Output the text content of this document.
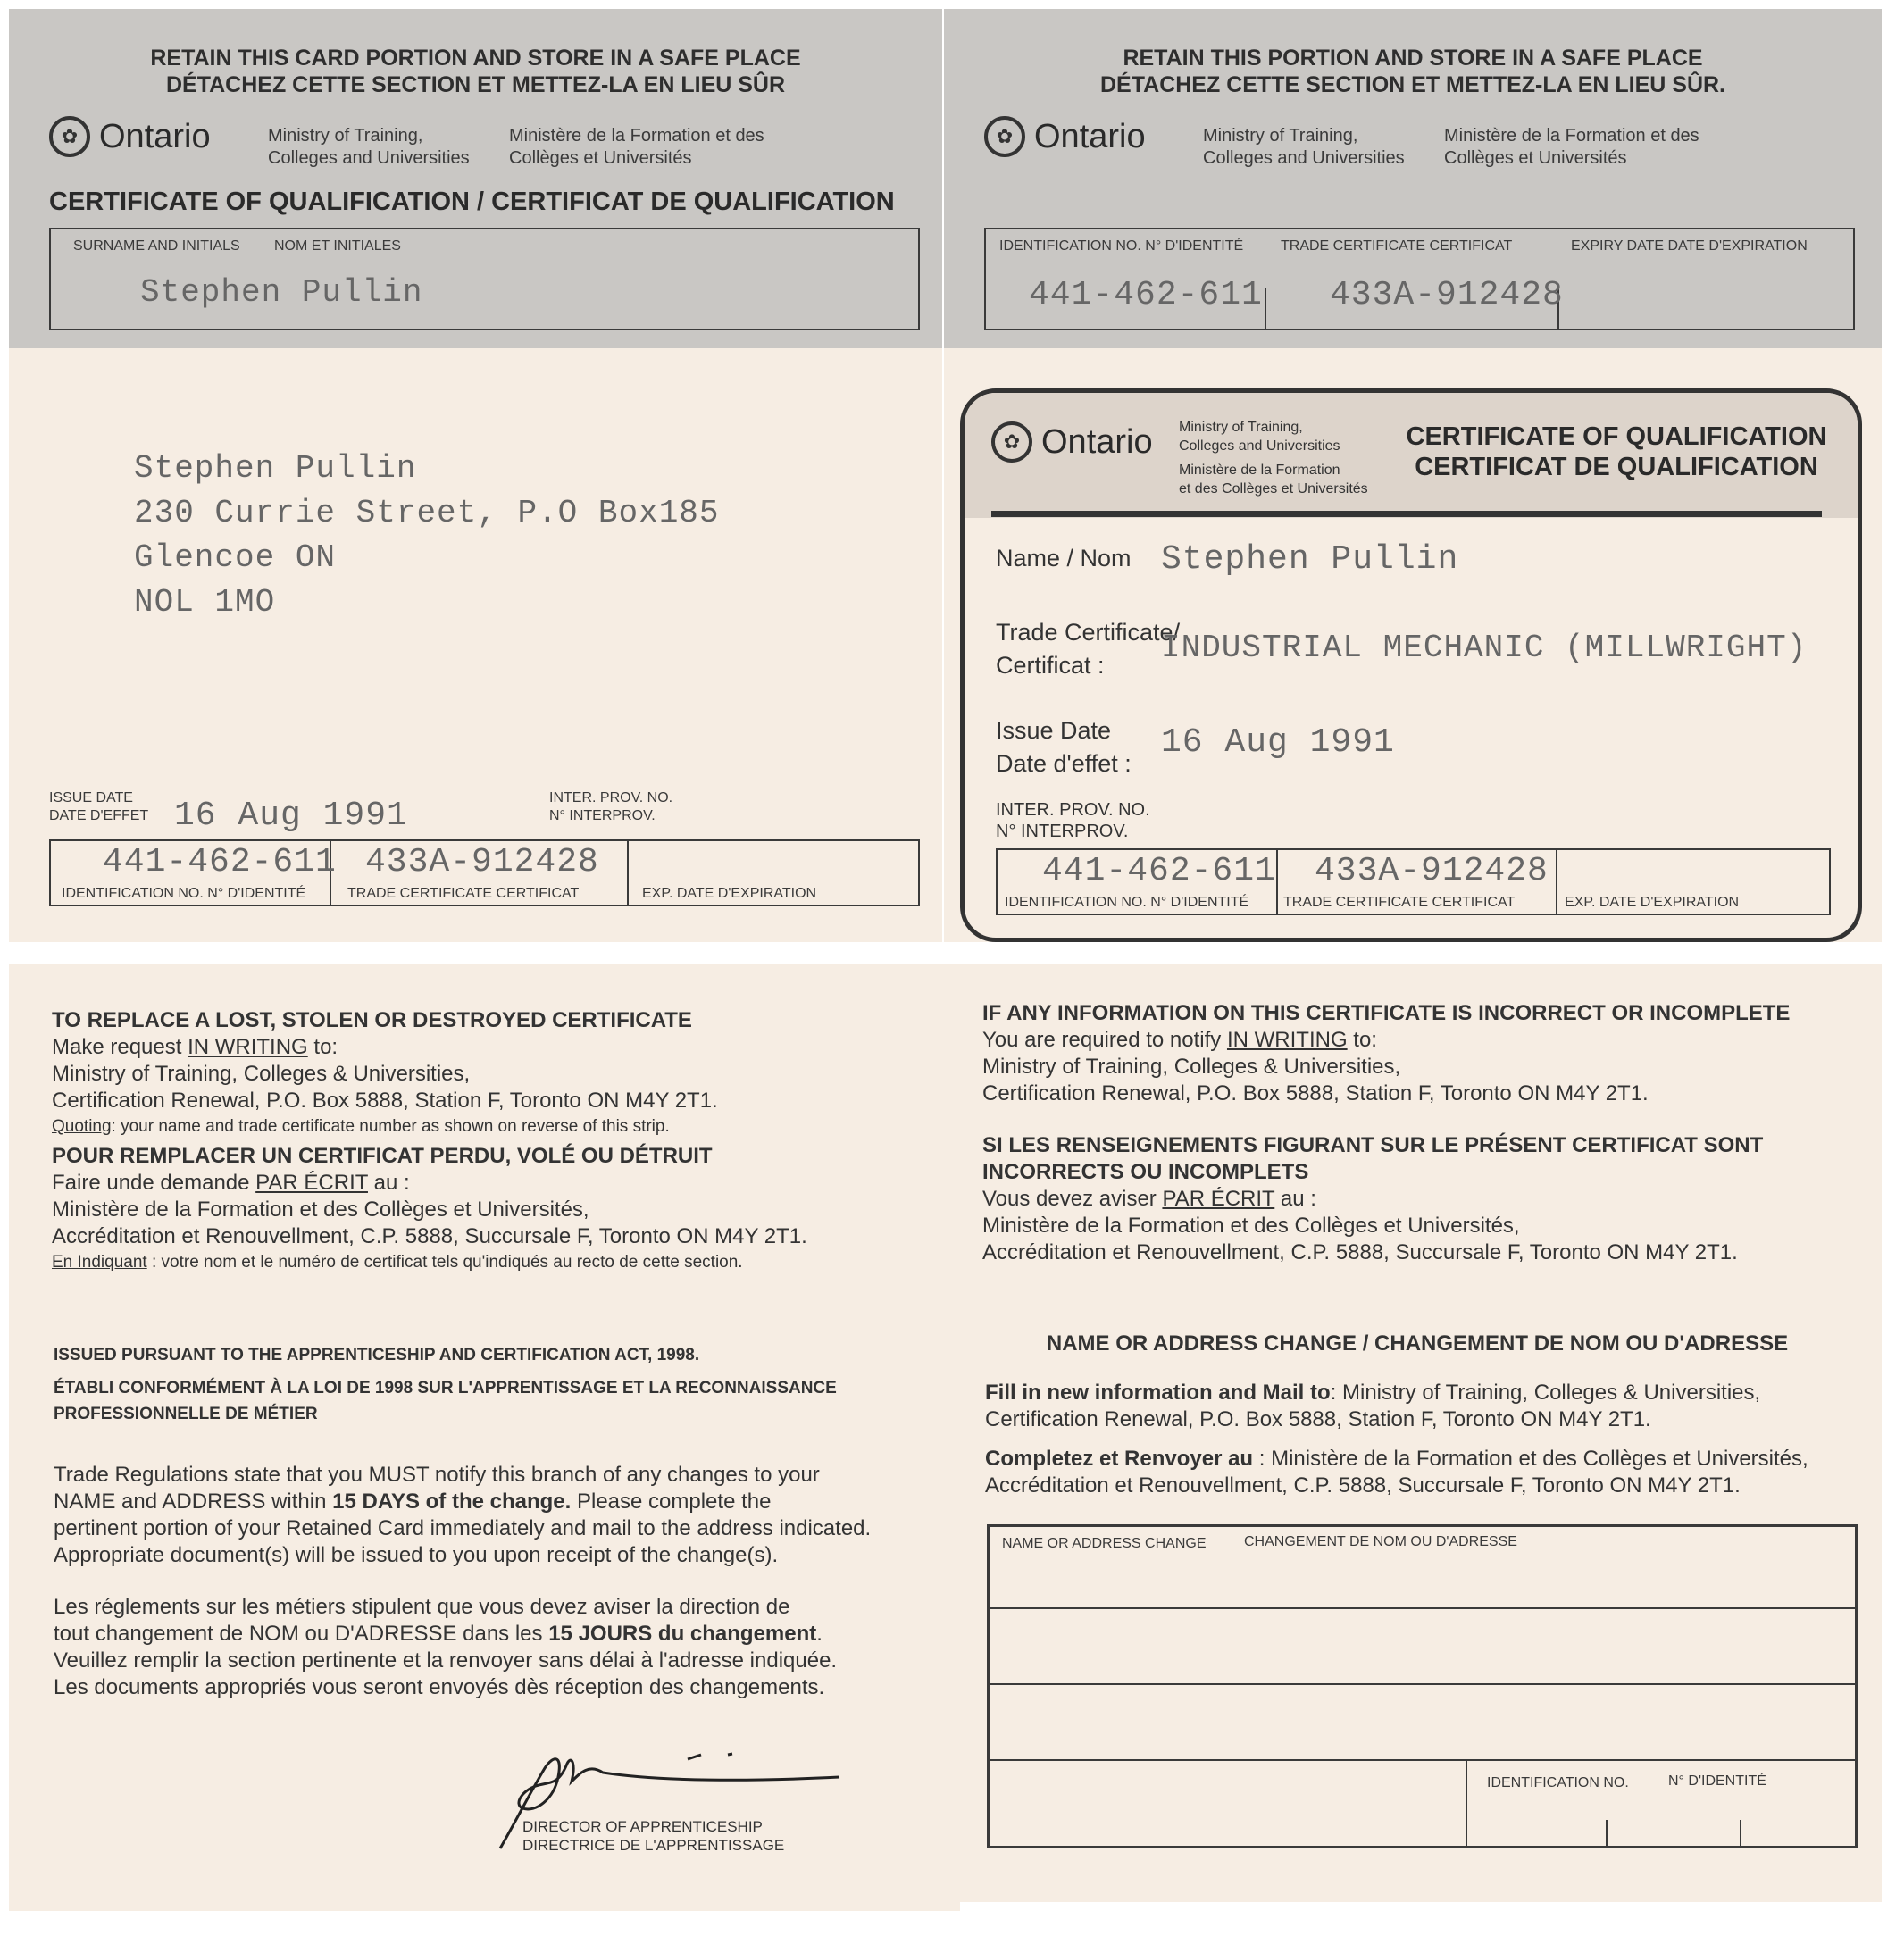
RETAIN THIS CARD PORTION AND STORE IN A SAFE PLACE
DÉTACHEZ CETTE SECTION ET METTEZ-LA EN LIEU SÛR
✿ Ontario	Ministry of Training, Colleges and Universities
Ministère de la Formation et des Collèges et Universités
CERTIFICATE OF QUALIFICATION / CERTIFICAT DE QUALIFICATION
SURNAME AND INITIALS NOM ET INITIALES
Stephen Pullin
Stephen Pullin
230 Currie Street, P.O Box185
Glencoe ON
NOL 1MO
ISSUE DATE
DATE D'EFFET 16 Aug 1991	INTER. PROV. NO.
N° INTERPROV.
441-462-611 433A-912428
IDENTIFICATION NO. N° D'IDENTITÉ	TRADE CERTIFICATE CERTIFICAT	EXP. DATE D'EXPIRATION
RETAIN THIS PORTION AND STORE IN A SAFE PLACE
DÉTACHEZ CETTE SECTION ET METTEZ-LA EN LIEU SÛR.
✿ Ontario	Ministry of Training, Colleges and Universities
Ministère de la Formation et des Collèges et Universités
IDENTIFICATION NO. N° D'IDENTITÉ	TRADE CERTIFICATE CERTIFICAT	EXPIRY DATE DATE D'EXPIRATION
441-462-611 433A-912428
✿ Ontario Ministry of Training,
Colleges and Universities
Ministère de la Formation
et des Collèges et Universités
CERTIFICATE OF QUALIFICATION
CERTIFICAT DE QUALIFICATION
Name / Nom Stephen Pullin
Trade Certificate/
Certificat :	INDUSTRIAL MECHANIC (MILLWRIGHT)
Issue Date
Date d'effet :
16 Aug 1991
INTER. PROV. NO.
N° INTERPROV.
441-462-611 433A-912428
IDENTIFICATION NO. N° D'IDENTITÉ TRADE CERTIFICATE CERTIFICAT	EXP. DATE D'EXPIRATION
TO REPLACE A LOST, STOLEN OR DESTROYED CERTIFICATE
Make request IN WRITING to:
Ministry of Training, Colleges & Universities,
Certification Renewal, P.O. Box 5888, Station F, Toronto ON M4Y 2T1.
Quoting: your name and trade certificate number as shown on reverse of this strip.
POUR REMPLACER UN CERTIFICAT PERDU, VOLÉ OU DÉTRUIT
Faire unde demande PAR ÉCRIT au :
Ministère de la Formation et des Collèges et Universités,
Accréditation et Renouvellment, C.P. 5888, Succursale F, Toronto ON M4Y 2T1.
En Indiquant : votre nom et le numéro de certificat tels qu'indiqués au recto de cette section.
ISSUED PURSUANT TO THE APPRENTICESHIP AND CERTIFICATION ACT, 1998.
ÉTABLI CONFORMÉMENT À LA LOI DE 1998 SUR L'APPRENTISSAGE ET LA RECONNAISSANCE
PROFESSIONNELLE DE MÉTIER
Trade Regulations state that you MUST notify this branch of any changes to your
NAME and ADDRESS within 15 DAYS of the change. Please complete the
pertinent portion of your Retained Card immediately and mail to the address indicated.
Appropriate document(s) will be issued to you upon receipt of the change(s).
Les réglements sur les métiers stipulent que vous devez aviser la direction de
tout changement de NOM ou D'ADRESSE dans les 15 JOURS du changement.
Veuillez remplir la section pertinente et la renvoyer sans délai à l'adresse indiquée.
Les documents appropriés vous seront envoyés dès réception des changements.
DIRECTOR OF APPRENTICESHIP
DIRECTRICE DE L'APPRENTISSAGE
IF ANY INFORMATION ON THIS CERTIFICATE IS INCORRECT OR INCOMPLETE
You are required to notify IN WRITING to:
Ministry of Training, Colleges & Universities,
Certification Renewal, P.O. Box 5888, Station F, Toronto ON M4Y 2T1.
SI LES RENSEIGNEMENTS FIGURANT SUR LE PRÉSENT CERTIFICAT SONT
INCORRECTS OU INCOMPLETS
Vous devez aviser PAR ÉCRIT au :
Ministère de la Formation et des Collèges et Universités,
Accréditation et Renouvellment, C.P. 5888, Succursale F, Toronto ON M4Y 2T1.
NAME OR ADDRESS CHANGE / CHANGEMENT DE NOM OU D'ADRESSE
Fill in new information and Mail to: Ministry of Training, Colleges & Universities,
Certification Renewal, P.O. Box 5888, Station F, Toronto ON M4Y 2T1.
Completez et Renvoyer au : Ministère de la Formation et des Collèges et Universités,
Accréditation et Renouvellment, C.P. 5888, Succursale F, Toronto ON M4Y 2T1.
NAME OR ADDRESS CHANGE	CHANGEMENT DE NOM OU D'ADRESSE
IDENTIFICATION NO.	N° D'IDENTITÉ
